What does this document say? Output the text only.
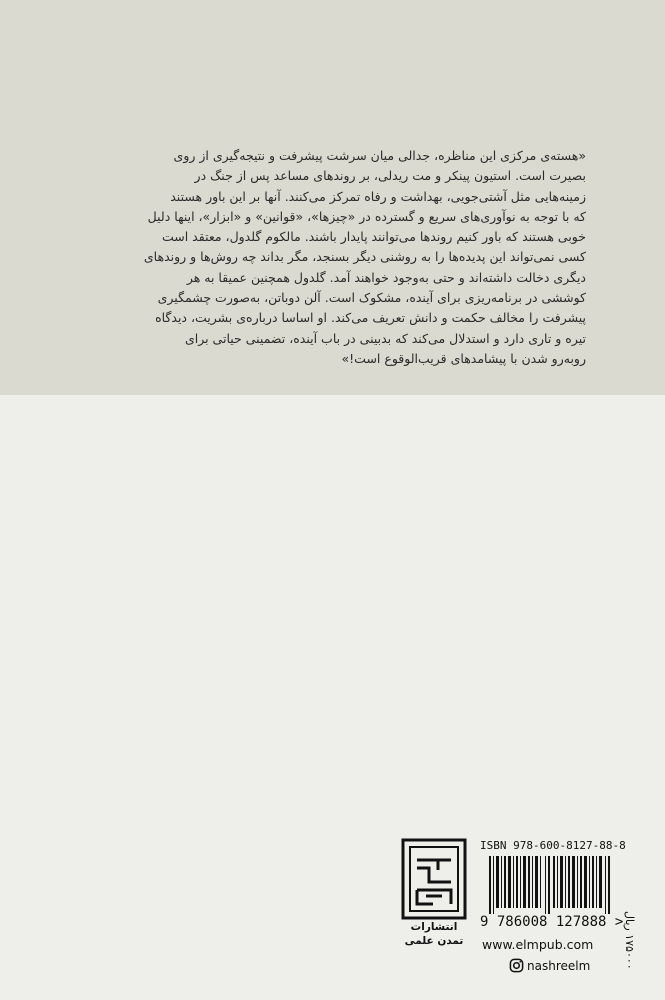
«هسته‌ی مرکزی این مناظره، جدالی میان سرشت پیشرفت و نتیجه‌گیری از روی
بصیرت است. استیون پینکر و مت ریدلی، بر روندهای مساعد پس از جنگ در
زمینه‌هایی مثل آشتی‌جویی، بهداشت و رفاه تمرکز می‌کنند. آنها بر این باور هستند
که با توجه به نوآوری‌های سریع و گسترده در «چیزها»، «قوانین» و «ابزار»، اینها دلیل
خوبی هستند که باور کنیم روندها می‌توانند پایدار باشند. مالکوم گلدول، معتقد است
کسی نمی‌تواند این پدیده‌ها را به روشنی دیگر بسنجد، مگر بداند چه روش‌ها و روندهای
دیگری دخالت داشته‌اند و حتی به‌وجود خواهند آمد. گلدول همچنین عمیقا به هر
کوششی در برنامه‌ریزی برای آینده، مشکوک است. آلن دوباتن، به‌صورت چشمگیری
پیشرفت را مخالف حکمت و دانش تعریف می‌کند. او اساسا درباره‌ی بشریت، دیدگاه
تیره و تاری دارد و استدلال می‌کند که بدبینی در باب آینده، تضمینی حیاتی برای
روبه‌رو شدن با پیشامدهای قریب‌الوقوع است!»
انتشارات تمدن علمی
ISBN 978-600-8127-88-8
9 786008 127888 > ۱۷۵۰۰۰ ریال
www.elmpub.com
nashreelm
